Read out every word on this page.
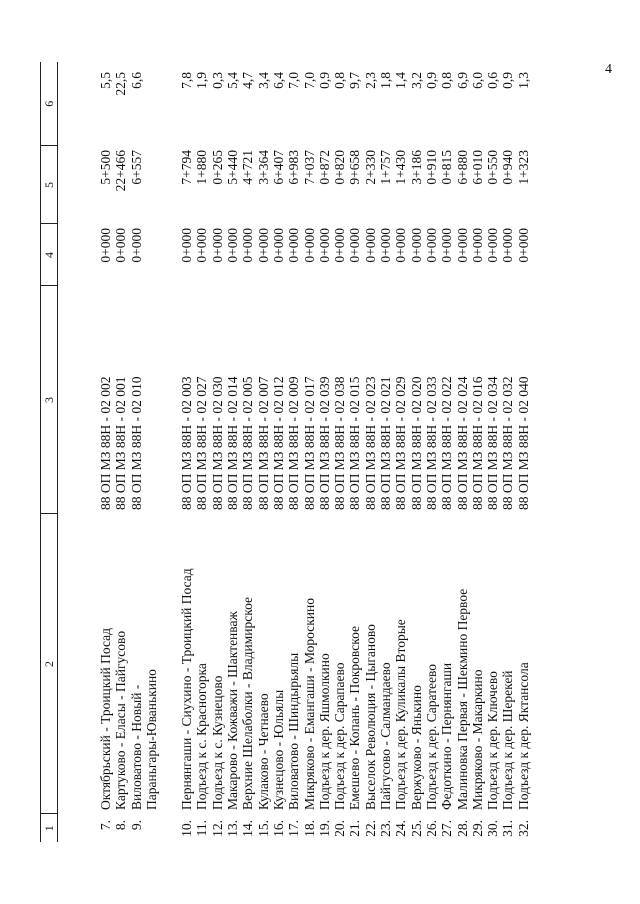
4
1	2	3	4	5	6
7.	Октябрьский - Троицкий Посад	88 ОП МЗ 88Н - 02 002	0+000	5+500	5,5
8.	Картуково - Еласы - Пайгусово	88 ОП МЗ 88Н - 02 001	0+000	22+466	22,5
9.	Виловатово - Новый -	88 ОП МЗ 88Н - 02 010	0+000	6+557	6,6
	Параньгары-Юванькино				

10.	Пернянгаши - Сиухино - Троицкий Посад	88 ОП МЗ 88Н - 02 003	0+000	7+794	7,8
11.	Подъезд к с. Красногорка	88 ОП МЗ 88Н - 02 027	0+000	1+880	1,9
12.	Подъезд к с. Кузнецово	88 ОП МЗ 88Н - 02 030	0+000	0+265	0,3
13.	Макарово - Кожважи - Шактенваж	88 ОП МЗ 88Н - 02 014	0+000	5+440	5,4
14.	Верхние Шелаболки - Владимирское	88 ОП МЗ 88Н - 02 005	0+000	4+721	4,7
15.	Кулаково - Четнаево	88 ОП МЗ 88Н - 02 007	0+000	3+364	3,4
16.	Кузнецово - Юльялы	88 ОП МЗ 88Н - 02 012	0+000	6+407	6,4
17.	Виловатово - Шиндырьялы	88 ОП МЗ 88Н - 02 009	0+000	6+983	7,0
18.	Микряково - Емангаши - Мороскино	88 ОП МЗ 88Н - 02 017	0+000	7+037	7,0
19.	Подъезд к дер. Яшмолкино	88 ОП МЗ 88Н - 02 039	0+000	0+872	0,9
20.	Подъезд к дер. Сарапаево	88 ОП МЗ 88Н - 02 038	0+000	0+820	0,8
21.	Емешево - Копань - Покровское	88 ОП МЗ 88Н - 02 015	0+000	9+658	9,7
22.	Выселок Революция - Цыганово	88 ОП МЗ 88Н - 02 023	0+000	2+330	2,3
23.	Пайгусово - Салмандаево	88 ОП МЗ 88Н - 02 021	0+000	1+757	1,8
24.	Подъезд к дер. Куликалы Вторые	88 ОП МЗ 88Н - 02 029	0+000	1+430	1,4
25.	Вержуково - Янькино	88 ОП МЗ 88Н - 02 020	0+000	3+186	3,2
26.	Подъезд к дер. Саратеево	88 ОП МЗ 88Н - 02 033	0+000	0+910	0,9
27.	Федоткино - Пернянгаши	88 ОП МЗ 88Н - 02 022	0+000	0+815	0,8
28.	Малиновка Первая - Шекмино Первое	88 ОП МЗ 88Н - 02 024	0+000	6+880	6,9
29.	Микряково - Макаркино	88 ОП МЗ 88Н - 02 016	0+000	6+010	6,0
30.	Подъезд к дер. Ключево	88 ОП МЗ 88Н - 02 034	0+000	0+550	0,6
31.	Подъезд к дер. Шерекей	88 ОП МЗ 88Н - 02 032	0+000	0+940	0,9
32.	Подъезд к дер. Яктансола	88 ОП МЗ 88Н - 02 040	0+000	1+323	1,3
